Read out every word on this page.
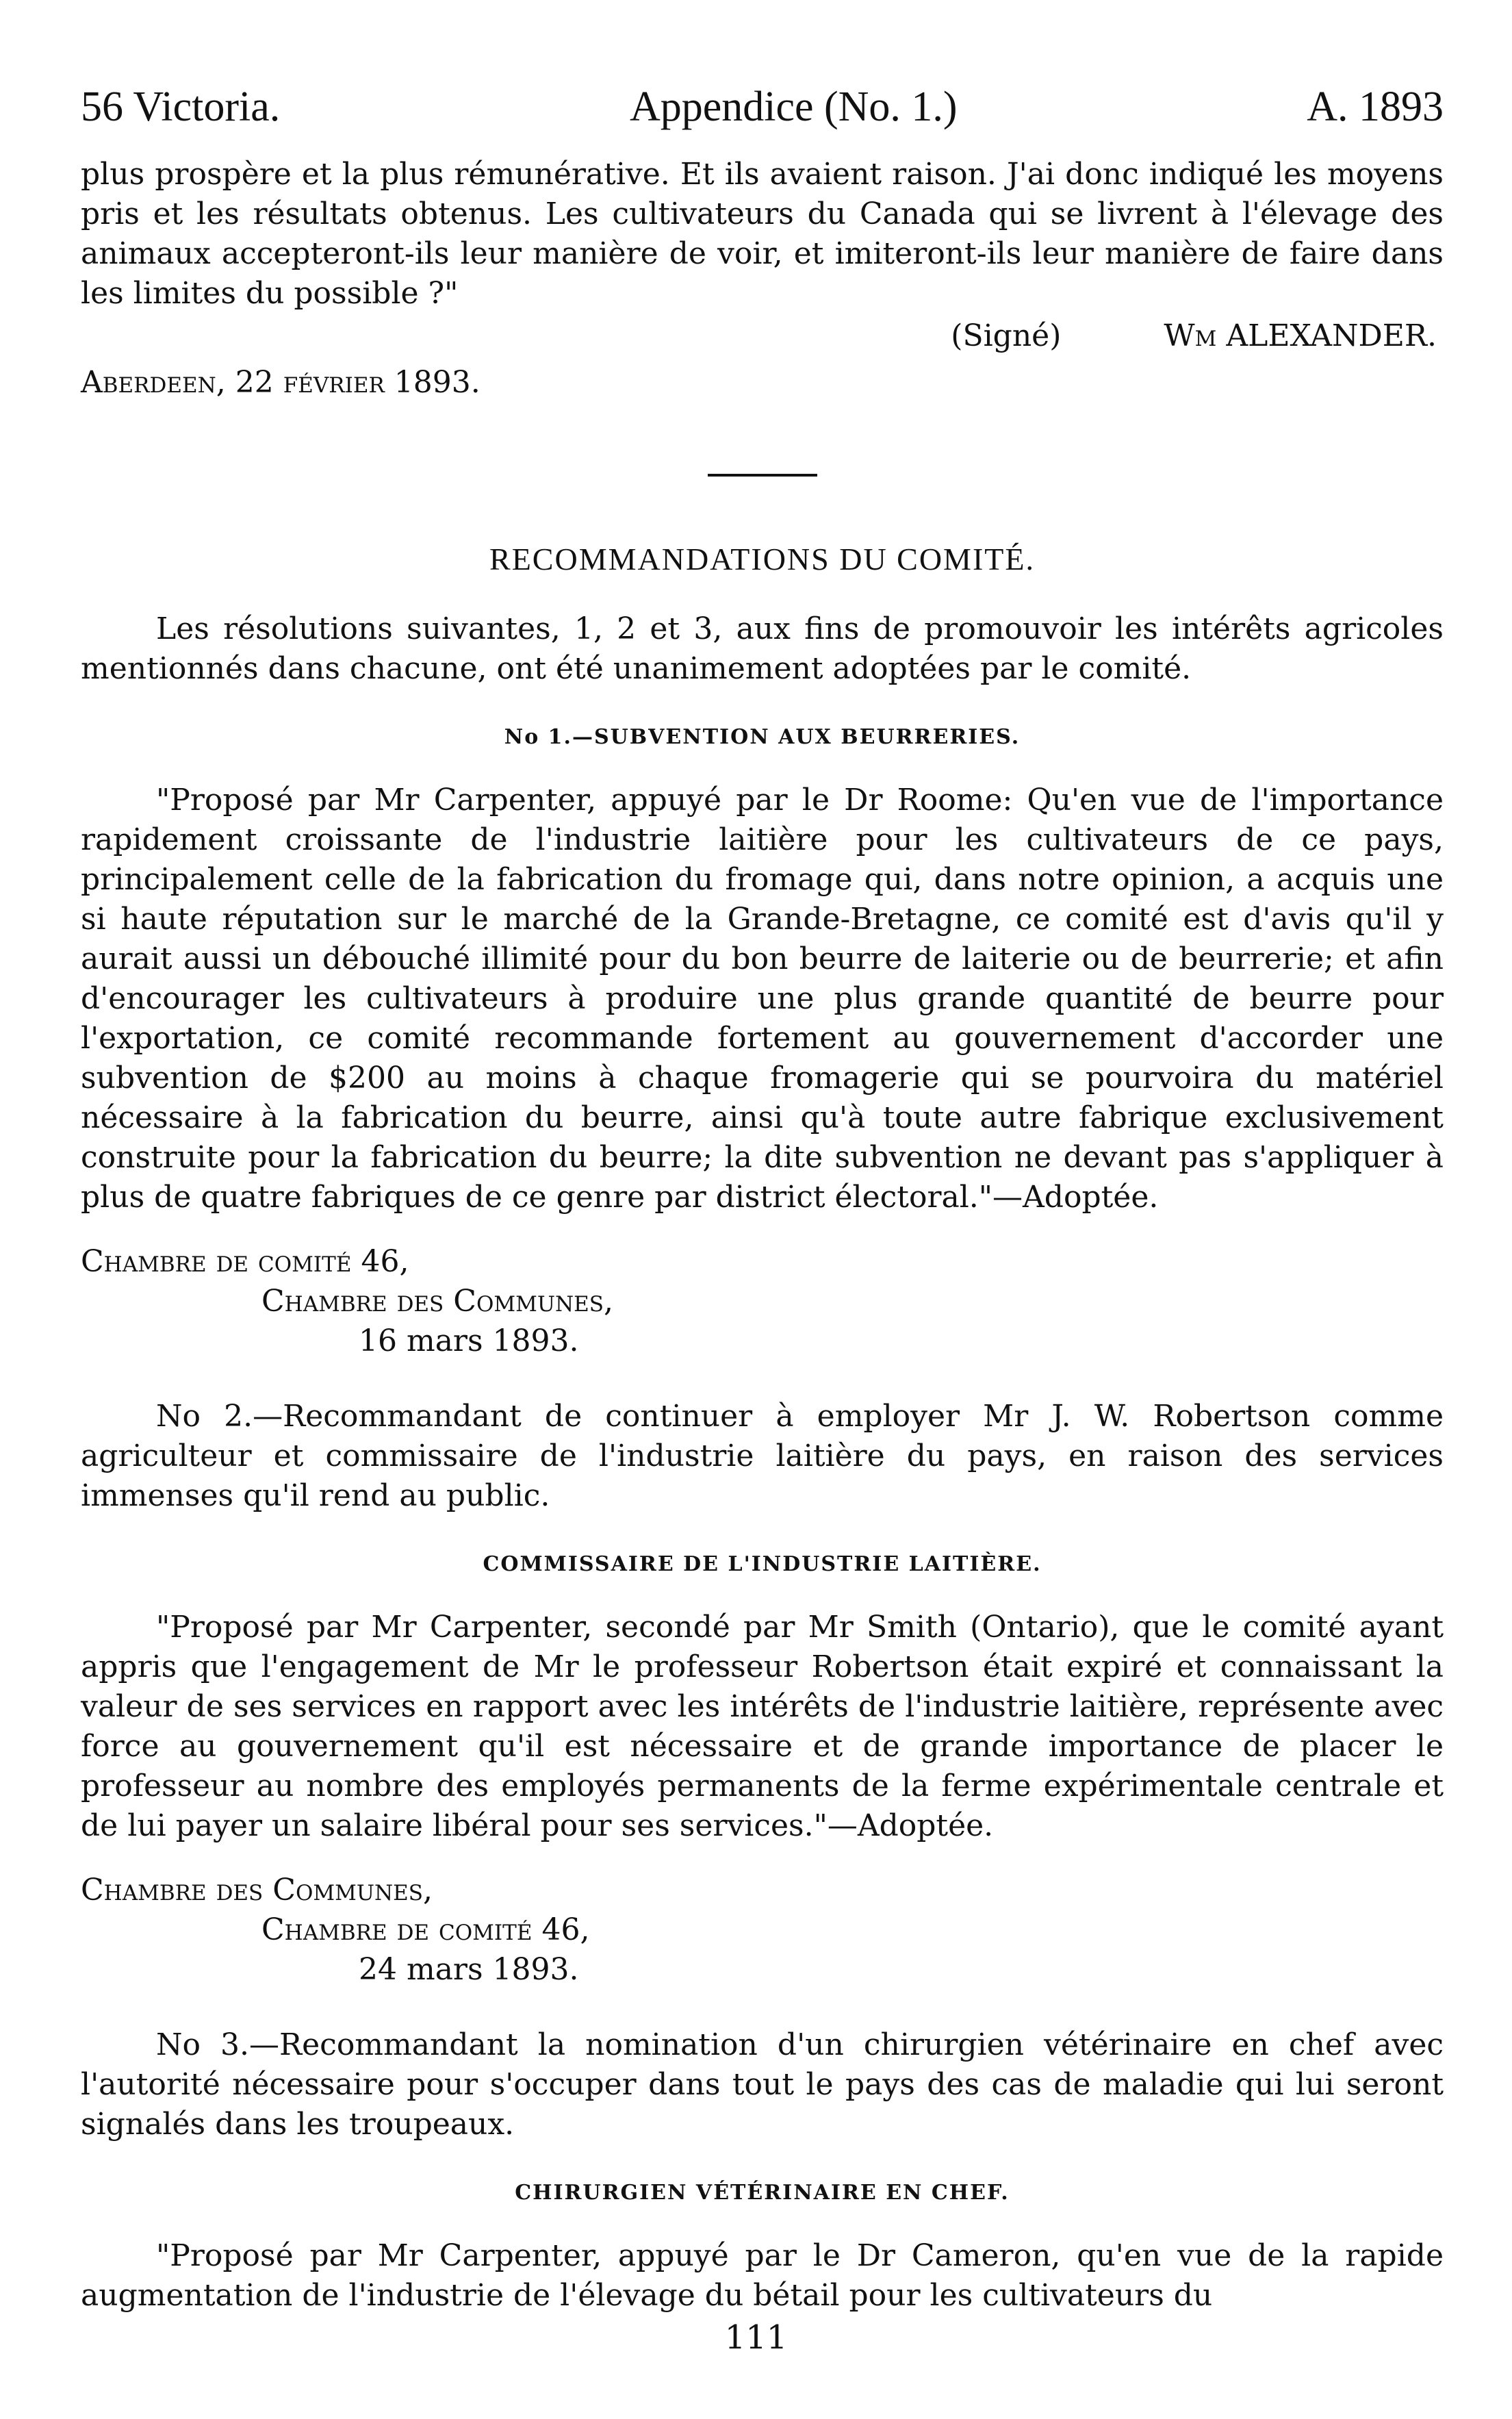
56 Victoria.	Appendice (No. 1.)	A. 1893

plus prospère et la plus rémunérative. Et ils avaient raison. J'ai donc indiqué les moyens pris et les résultats obtenus. Les cultivateurs du Canada qui se livrent à l'élevage des animaux accepteront-ils leur manière de voir, et imiteront-ils leur manière de faire dans les limites du possible ?"

(Signé)	Wm ALEXANDER.
Aberdeen, 22 février 1893.
RECOMMANDATIONS DU COMITÉ.

Les résolutions suivantes, 1, 2 et 3, aux fins de promouvoir les intérêts agricoles mentionnés dans chacune, ont été unanimement adoptées par le comité.

No 1.—SUBVENTION AUX BEURRERIES.

"Proposé par Mr Carpenter, appuyé par le Dr Roome: Qu'en vue de l'importance rapidement croissante de l'industrie laitière pour les cultivateurs de ce pays, principalement celle de la fabrication du fromage qui, dans notre opinion, a acquis une si haute réputation sur le marché de la Grande-Bretagne, ce comité est d'avis qu'il y aurait aussi un débouché illimité pour du bon beurre de laiterie ou de beurrerie; et afin d'encourager les cultivateurs à produire une plus grande quantité de beurre pour l'exportation, ce comité recommande fortement au gouvernement d'accorder une subvention de $200 au moins à chaque fromagerie qui se pourvoira du matériel nécessaire à la fabrication du beurre, ainsi qu'à toute autre fabrique exclusivement construite pour la fabrication du beurre; la dite subvention ne devant pas s'appliquer à plus de quatre fabriques de ce genre par district électoral."—Adoptée.

Chambre de comité 46,
Chambre des Communes,
16 mars 1893.

No 2.—Recommandant de continuer à employer Mr J. W. Robertson comme agriculteur et commissaire de l'industrie laitière du pays, en raison des services immenses qu'il rend au public.

COMMISSAIRE DE L'INDUSTRIE LAITIÈRE.

"Proposé par Mr Carpenter, secondé par Mr Smith (Ontario), que le comité ayant appris que l'engagement de Mr le professeur Robertson était expiré et connaissant la valeur de ses services en rapport avec les intérêts de l'industrie laitière, représente avec force au gouvernement qu'il est nécessaire et de grande importance de placer le professeur au nombre des employés permanents de la ferme expérimentale centrale et de lui payer un salaire libéral pour ses services."—Adoptée.

Chambre des Communes,
Chambre de comité 46,
24 mars 1893.

No 3.—Recommandant la nomination d'un chirurgien vétérinaire en chef avec l'autorité nécessaire pour s'occuper dans tout le pays des cas de maladie qui lui seront signalés dans les troupeaux.

CHIRURGIEN VÉTÉRINAIRE EN CHEF.

"Proposé par Mr Carpenter, appuyé par le Dr Cameron, qu'en vue de la rapide augmentation de l'industrie de l'élevage du bétail pour les cultivateurs du

111
